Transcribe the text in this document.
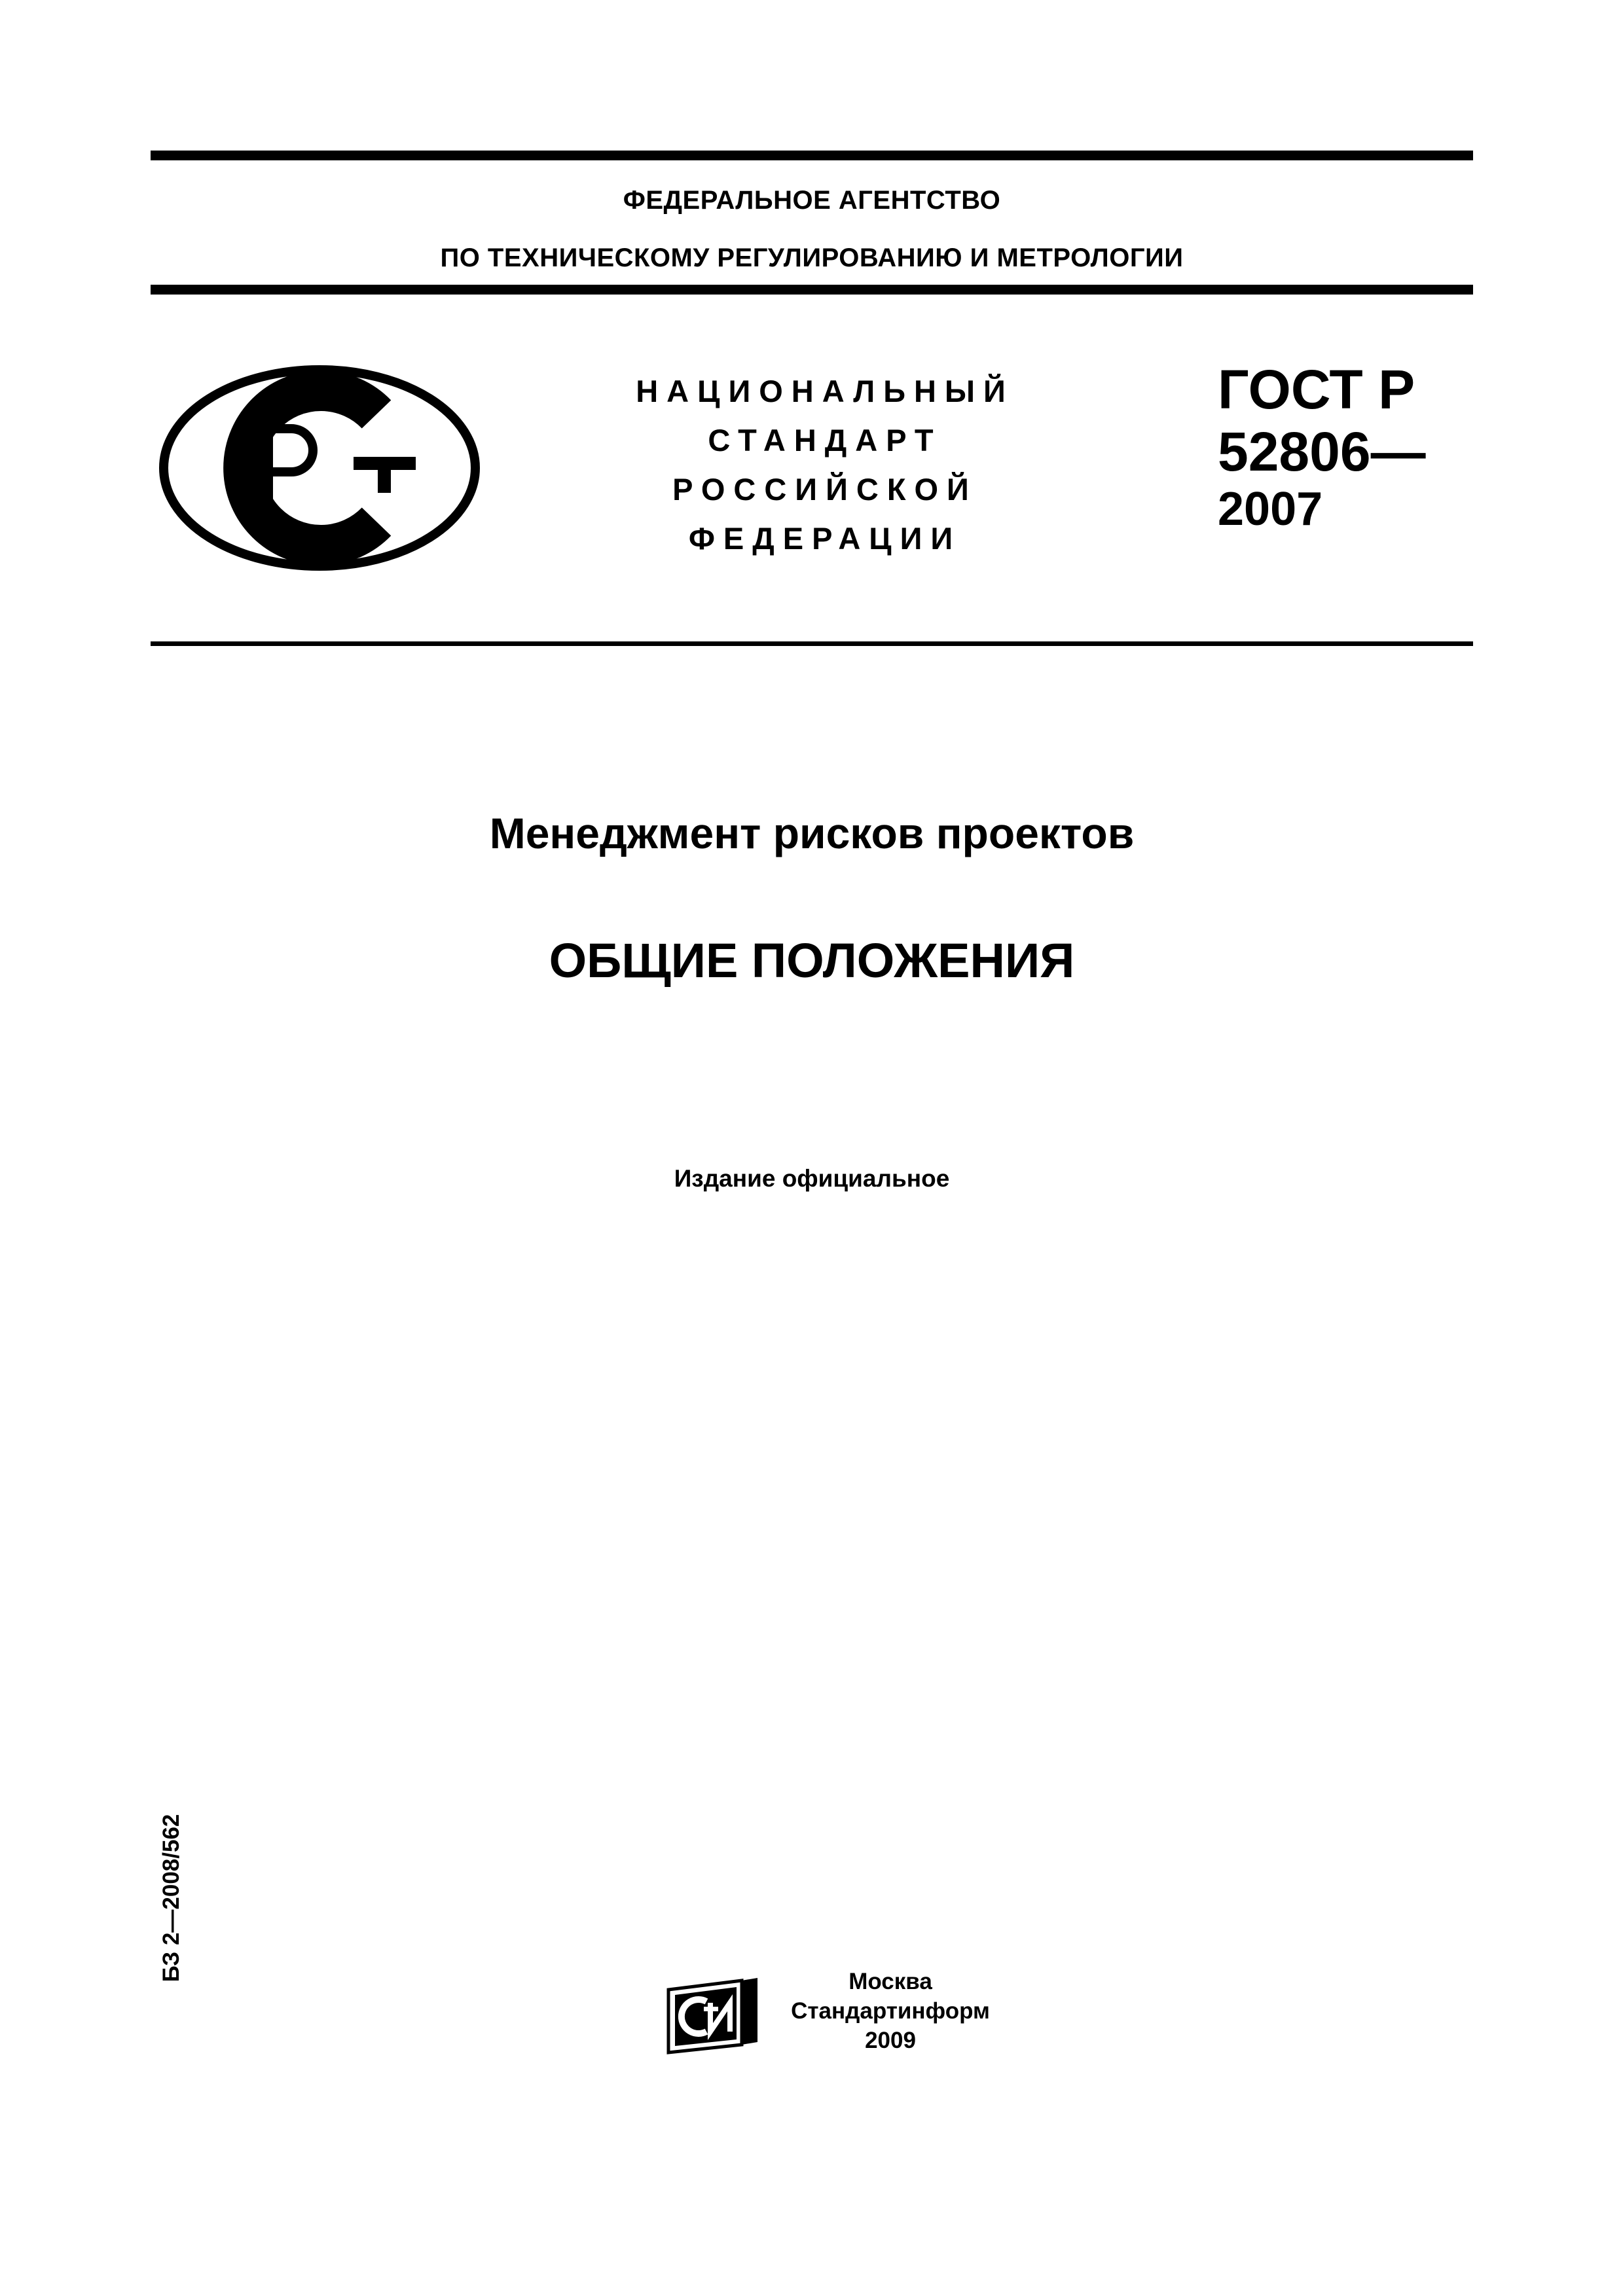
ФЕДЕРАЛЬНОЕ АГЕНТСТВО
ПО ТЕХНИЧЕСКОМУ РЕГУЛИРОВАНИЮ И МЕТРОЛОГИИ
НАЦИОНАЛЬНЫЙ
СТАНДАРТ
РОССИЙСКОЙ
ФЕДЕРАЦИИ
ГОСТ Р
52806—
2007
Менеджмент рисков проектов
ОБЩИЕ ПОЛОЖЕНИЯ
Издание официальное
БЗ 2—2008/562	Москва
Стандартинформ
2009
